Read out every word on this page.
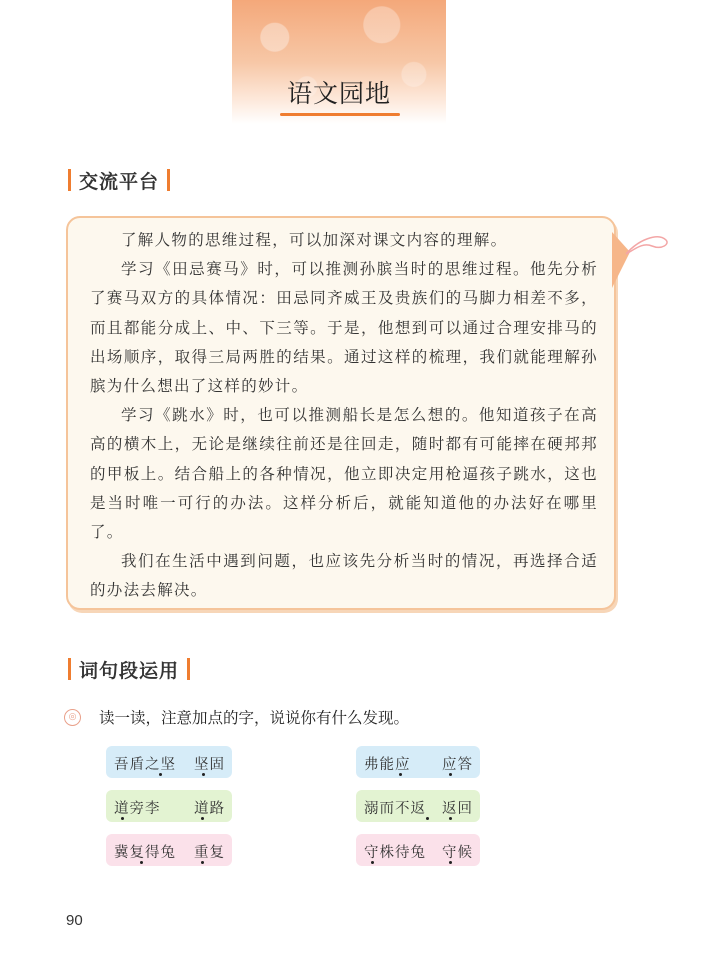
语文园地
交流平台

了解人物的思维过程，可以加深对课文内容的理解。

学习《田忌赛马》时，可以推测孙膑当时的思维过程。他先分析了赛马双方的具体情况：田忌同齐威王及贵族们的马脚力相差不多，而且都能分成上、中、下三等。于是，他想到可以通过合理安排马的出场顺序，取得三局两胜的结果。通过这样的梳理，我们就能理解孙膑为什么想出了这样的妙计。

学习《跳水》时，也可以推测船长是怎么想的。他知道孩子在高高的横木上，无论是继续往前还是往回走，随时都有可能摔在硬邦邦的甲板上。结合船上的各种情况，他立即决定用枪逼孩子跳水，这也是当时唯一可行的办法。这样分析后，就能知道他的办法好在哪里了。

我们在生活中遇到问题，也应该先分析当时的情况，再选择合适的办法去解决。

词句段运用
◎ 读一读，注意加点的字，说说你有什么发现。
吾盾之坚 坚固	弗能应 应答
道旁李 道路	溺而不返 返回
冀复得兔 重复	守株待兔 守候
90
